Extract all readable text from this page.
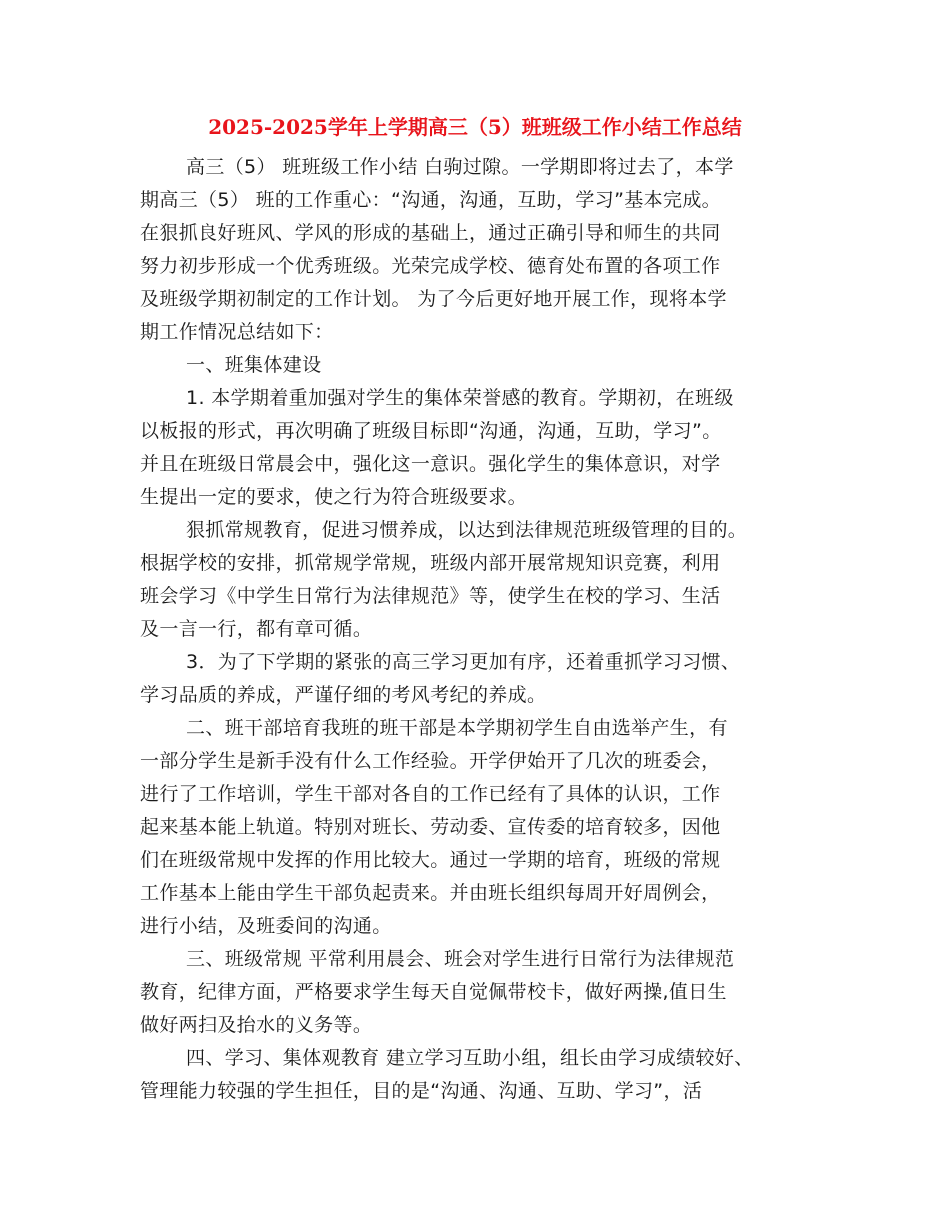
2025-2025学年上学期高三（5）班班级工作小结工作总结
高三（5） 班班级工作小结 白驹过隙。一学期即将过去了，本学
期高三（5） 班的工作重心：“沟通，沟通，互助，学习”基本完成。
在狠抓良好班风、学风的形成的基础上，通过正确引导和师生的共同
努力初步形成一个优秀班级。光荣完成学校、德育处布置的各项工作
及班级学期初制定的工作计划。 为了今后更好地开展工作，现将本学
期工作情况总结如下：
一、班集体建设
1. 本学期着重加强对学生的集体荣誉感的教育。学期初，在班级
以板报的形式，再次明确了班级目标即“沟通，沟通，互助，学习”。
并且在班级日常晨会中，强化这一意识。强化学生的集体意识，对学
生提出一定的要求，使之行为符合班级要求。
狠抓常规教育，促进习惯养成，以达到法律规范班级管理的目的。
根据学校的安排，抓常规学常规，班级内部开展常规知识竞赛，利用
班会学习《中学生日常行为法律规范》等，使学生在校的学习、生活
及一言一行，都有章可循。
3．为了下学期的紧张的高三学习更加有序，还着重抓学习习惯、
学习品质的养成，严谨仔细的考风考纪的养成。
二、班干部培育我班的班干部是本学期初学生自由选举产生，有
一部分学生是新手没有什么工作经验。开学伊始开了几次的班委会，
进行了工作培训，学生干部对各自的工作已经有了具体的认识，工作
起来基本能上轨道。特别对班长、劳动委、宣传委的培育较多，因他
们在班级常规中发挥的作用比较大。通过一学期的培育，班级的常规
工作基本上能由学生干部负起责来。并由班长组织每周开好周例会，
进行小结，及班委间的沟通。
三、班级常规 平常利用晨会、班会对学生进行日常行为法律规范
教育，纪律方面，严格要求学生每天自觉佩带校卡，做好两操,值日生
做好两扫及抬水的义务等。
四、学习、集体观教育 建立学习互助小组，组长由学习成绩较好、
管理能力较强的学生担任，目的是“沟通、沟通、互助、学习”，活
